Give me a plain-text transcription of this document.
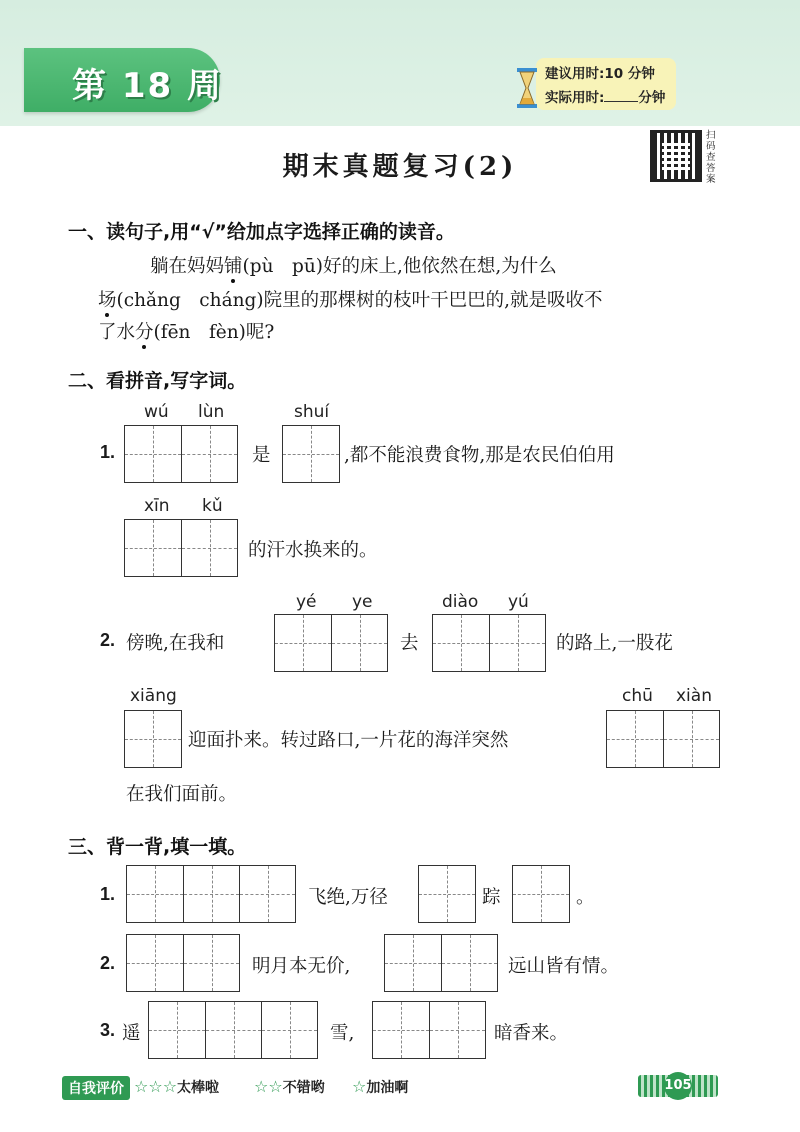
第 18 周	建议用时:10 分钟
实际用时:	分钟
期末真题复习(2)
扫码查答案
一、读句子,用“√”给加点字选择正确的读音。
躺在妈妈铺(pù　pū)好的床上,他依然在想,为什么
场(chǎng　cháng)院里的那棵树的枝叶干巴巴的,就是吸收不
了水分(fēn　fèn)呢?
二、看拼音,写字词。
wú lùn	shuí
1.	是	,都不能浪费食物,那是农民伯伯用
xīn kǔ
的汗水换来的。
yé ye	diào yú
2. 傍晚,在我和	去	的路上,一股花
xiāng	chū xiàn
迎面扑来。转过路口,一片花的海洋突然
在我们面前。
三、背一背,填一填。
1.	飞绝,万径	踪	。
2.	明月本无价,	远山皆有情。
3. 遥	雪,	暗香来。
自我评价 ☆☆☆太棒啦 ☆☆不错哟 ☆加油啊	105
